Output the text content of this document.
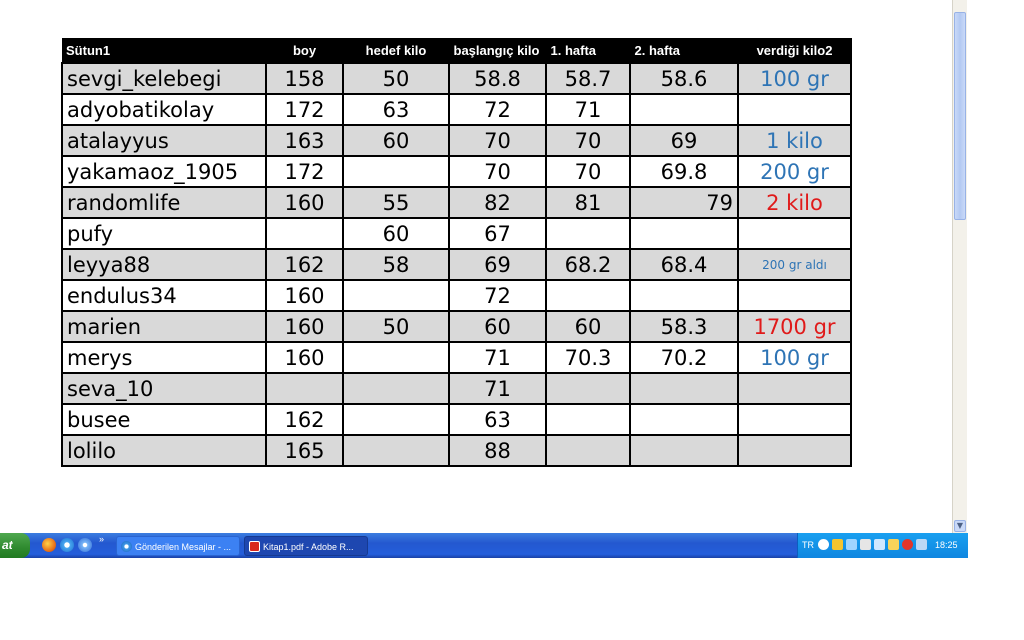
▼
Sütun1	boy	hedef kilo	başlangıç kilo	1. hafta	2. hafta	verdiği kilo2
sevgi_kelebegi	158	50	58.8	58.7	58.6	100 gr
adyobatikolay	172	63	72	71		
atalayyus	163	60	70	70	69	1 kilo
yakamaoz_1905	172		70	70	69.8	200 gr
randomlife	160	55	82	81	79	2 kilo
pufy		60	67			
leyya88	162	58	69	68.2	68.4	200 gr aldı
endulus34	160		72			
marien	160	50	60	60	58.3	1700 gr
merys	160		71	70.3	70.2	100 gr
seva_10			71			
busee	162		63			
lolilo	165		88			
at	»
Gönderilen Mesajlar - ...	Kitap1.pdf - Adobe R...	TR	18:25
